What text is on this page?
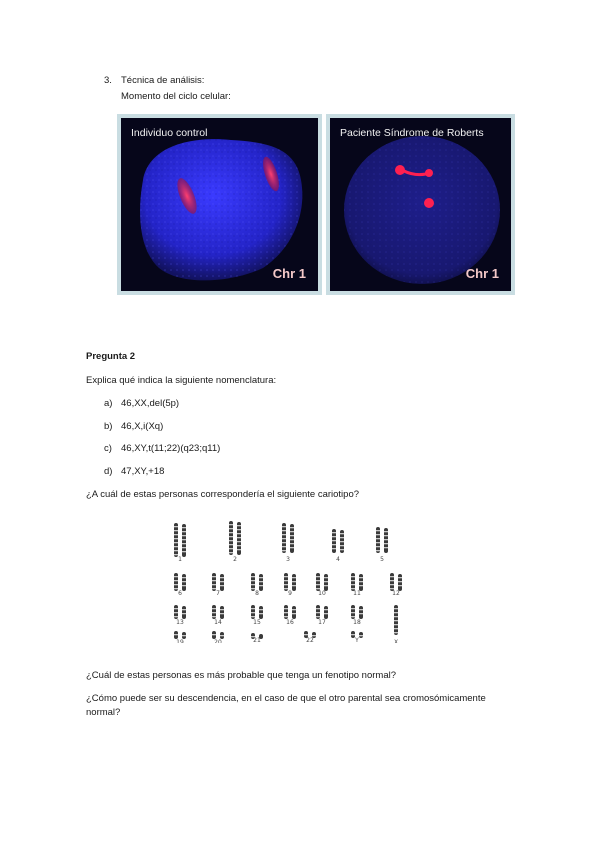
3. Técnica de análisis:
Momento del ciclo celular:
Individuo control
Chr 1
Paciente Síndrome de Roberts
Chr 1
Pregunta 2
Explica qué indica la siguiente nomenclatura:
a) 46,XX,del(5p)
b) 46,X,i(Xq)
c) 46,XY,t(11;22)(q23;q11)
d) 47,XY,+18
¿A cuál de estas personas correspondería el siguiente cariotipo?
1	2	3	4	5
6	7	8	9	10	11	12
13	14	15	16	17	18
19	20	21	22	Y	X
¿Cuál de estas personas es más probable que tenga un fenotipo normal?
¿Cómo puede ser su descendencia, en el caso de que el otro parental sea cromosómicamente
normal?
